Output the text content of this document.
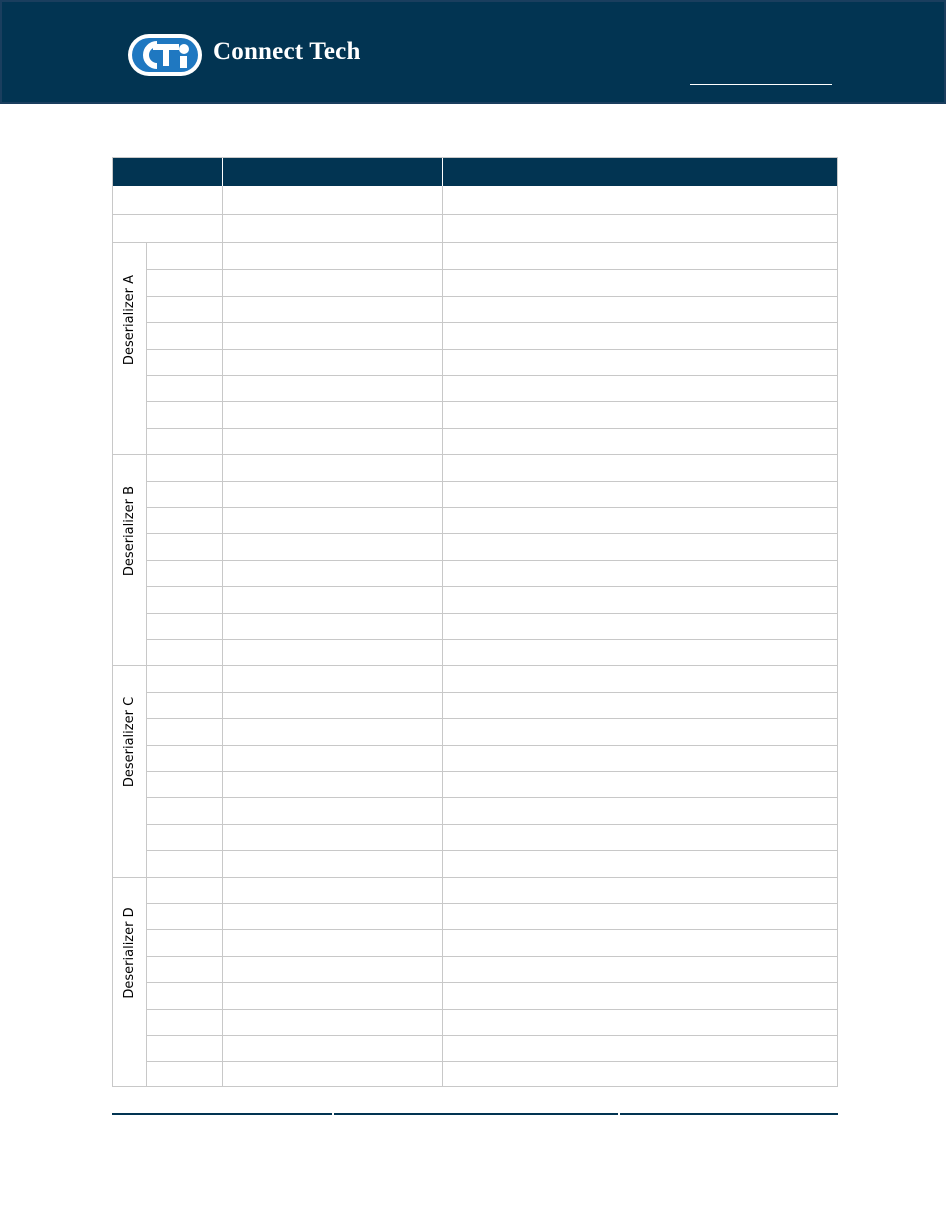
Connect Tech
Deserializer A
Deserializer B
Deserializer C
Deserializer D
